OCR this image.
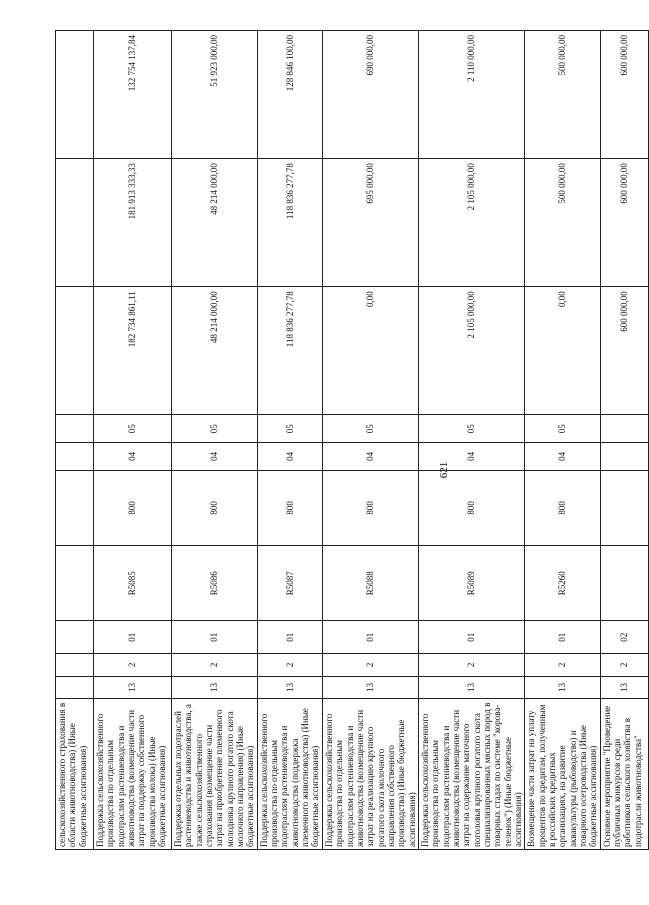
621
сельскохозяйственного страхования в области животноводства) (Иные бюджетные ассигнования)										
Поддержка сельскохозяйственного производства по отдельным подотраслям растениеводства и животноводства (возмещение части затрат на поддержку собственного производства молока) (Иные бюджетные ассигнования)	13	2	01	R5085	800	04	05	182 734 861,11	181 913 333,33	132 754 137,84
Поддержка отдельных подотраслей растениеводства и животноводства, а также сельскохозяйственного страхования (возмещение части затрат на приобретение племенного молодняка крупного рогатого скота молочного направления) (Иные бюджетные ассигнования)	13	2	01	R5086	800	04	05	48 214 000,00	48 214 000,00	51 923 000,00
Поддержка сельскохозяйственного производства по отдельным подотраслям растениеводства и животноводства (поддержка племенного животноводства) (Иные бюджетные ассигнования)	13	2	01	R5087	800	04	05	118 836 277,78	118 836 277,78	128 846 100,00
Поддержка сельскохозяйственного производства по отдельным подотраслям растениеводства и животноводства (возмещение части затрат на реализацию крупного рогатого скота молочного направления собственного производства) (Иные бюджетные ассигнования)	13	2	01	R5088	800	04	05	0,00	695 000,00	690 000,00
Поддержка сельскохозяйственного производства по отдельным подотраслям растениеводства и животноводства (возмещение части затрат на содержание маточного поголовья крупного рогатого скота специализированных мясных пород в товарных стадах по системе "корова-теленок") (Иные бюджетные ассигнования)	13	2	01	R5089	800	04	05	2 105 000,00	2 105 000,00	2 110 000,00
Возмещение части затрат на уплату процентов по кредитам, полученным в российских кредитных организациях, на развитие аквакультуры (рыбоводство) и товарного осетроводства (Иные бюджетные ассигнования)	13	2	01	R5260	800	04	05	0,00	500 000,00	500 000,00
Основное мероприятие "Проведение публичных конкурсов среди работников сельского хозяйства в подотрасли животноводства"	13	2	02					600 000,00	600 000,00	600 000,00
